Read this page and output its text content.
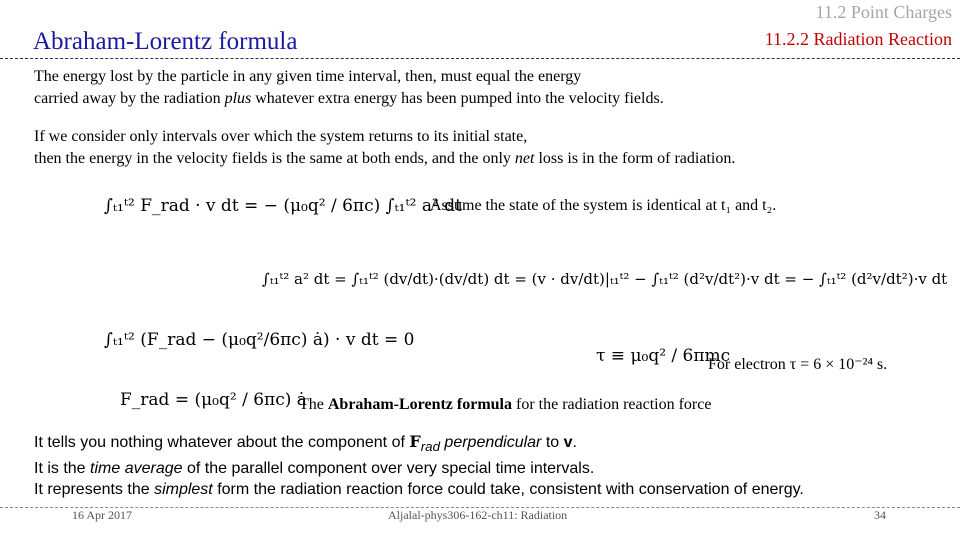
11.2 Point Charges
11.2.2 Radiation Reaction
Abraham-Lorentz formula
The energy lost by the particle in any given time interval, then, must equal the energy
carried away by the radiation plus whatever extra energy has been pumped into the velocity fields.
If we consider only intervals over which the system returns to its initial state,
then the energy in the velocity fields is the same at both ends, and the only net loss is in the form of radiation.
∫ₜ₁ᵗ² F_rad · v dt = − (μ₀q² / 6πc) ∫ₜ₁ᵗ² a² dt
Assume the state of the system is identical at t₁ and t₂.
∫ₜ₁ᵗ² a² dt = ∫ₜ₁ᵗ² (dv/dt)·(dv/dt) dt = (v · dv/dt)|ₜ₁ᵗ² − ∫ₜ₁ᵗ² (d²v/dt²)·v dt = − ∫ₜ₁ᵗ² (d²v/dt²)·v dt
∫ₜ₁ᵗ² (F_rad − (μ₀q²/6πc) ȧ) · v dt = 0
τ ≡ μ₀q² / 6πmc
For electron τ = 6 × 10⁻²⁴ s.
F_rad = (μ₀q² / 6πc) ȧ
The Abraham-Lorentz formula for the radiation reaction force
It tells you nothing whatever about the component of $F_{rad}$ perpendicular to v.
It is the time average of the parallel component over very special time intervals.
It represents the simplest form the radiation reaction force could take, consistent with conservation of energy.
16 Apr 2017	Aljalal-phys306-162-ch11: Radiation	34
